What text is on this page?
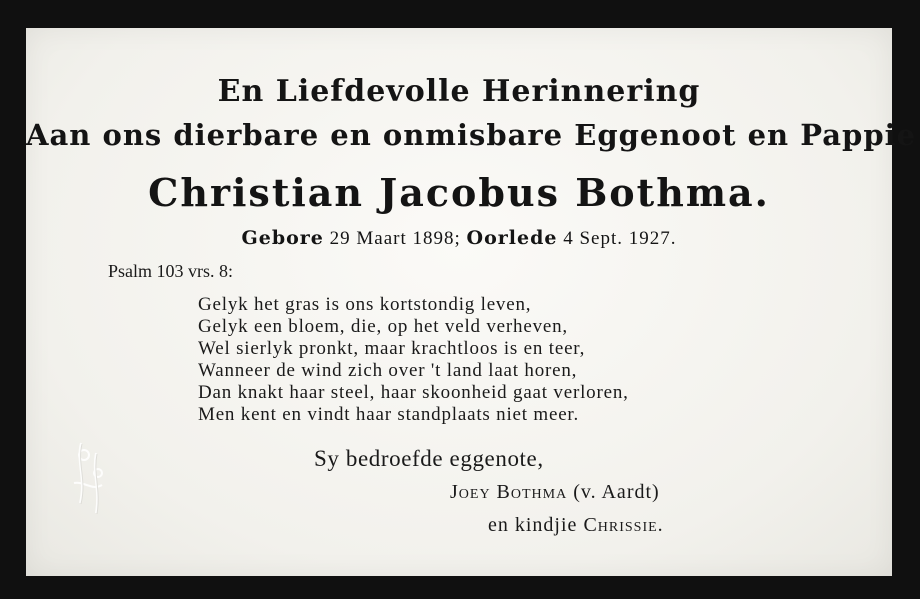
En Liefdevolle Herinnering
Aan ons dierbare en onmisbare Eggenoot en Pappie
Christian Jacobus Bothma.
Gebore 29 Maart 1898; Oorlede 4 Sept. 1927.
Psalm 103 vrs. 8:
Gelyk het gras is ons kortstondig leven,
Gelyk een bloem, die, op het veld verheven,
Wel sierlyk pronkt, maar krachtloos is en teer,
Wanneer de wind zich over 't land laat horen,
Dan knakt haar steel, haar skoonheid gaat verloren,
Men kent en vindt haar standplaats niet meer.
Sy bedroefde eggenote,
Joey Bothma (v. Aardt)
en kindjie Chrissie.
